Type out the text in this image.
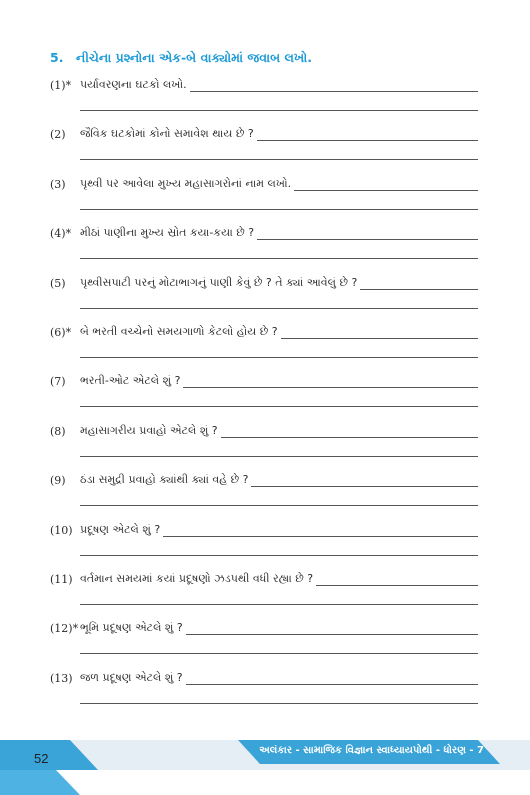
5. નીચેના પ્રશ્નોના એક-બે વાક્યોમાં જવાબ લખો.
(1)* પર્યાવરણના ઘટકો લખો.
(2)	જૈવિક ઘટકોમાં કોનો સમાવેશ થાય છે ?
(3)	પૃથ્વી પર આવેલા મુખ્ય મહાસાગરોનાં નામ લખો.
(4)* મીઠાં પાણીના મુખ્ય સ્રોત કયા-કયા છે ?
(5)	પૃથ્વીસપાટી પરનું મોટાભાગનું પાણી કેવું છે ? તે ક્યાં આવેલું છે ?
(6)* બે ભરતી વચ્ચેનો સમયગાળો કેટલો હોય છે ?
(7)	ભરતી-ઓટ એટલે શું ?
(8)	મહાસાગરીય પ્રવાહો એટલે શું ?
(9)	ઠંડા સમુદ્રી પ્રવાહો ક્યાંથી ક્યાં વહે છે ?
(10) પ્રદૂષણ એટલે શું ?
(11) વર્તમાન સમયમાં કયાં પ્રદૂષણો ઝડપથી વધી રહ્યા છે ?
(12)* ભૂમિ પ્રદૂષણ એટલે શું ?
(13) જળ પ્રદૂષણ એટલે શું ?
52
અલંકાર - સામાજિક વિજ્ઞાન સ્વાધ્યાયપોથી - ધોરણ - 7
